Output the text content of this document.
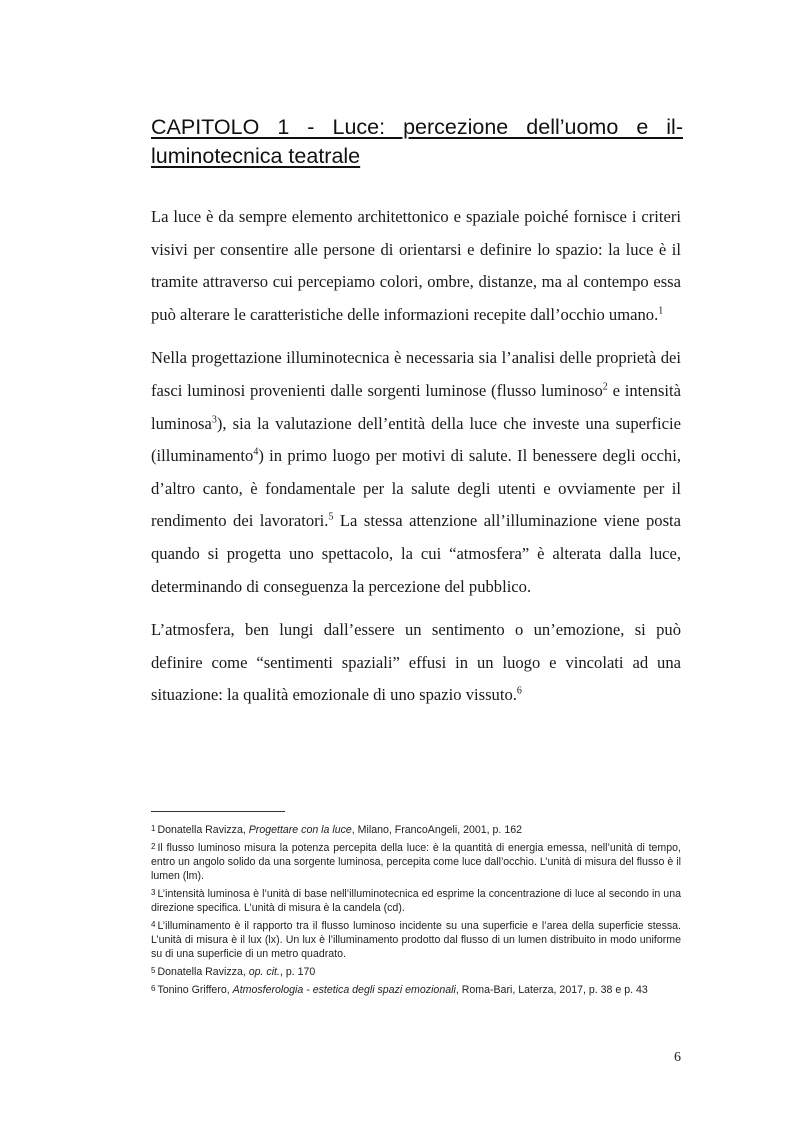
CAPITOLO 1 - Luce: percezione dell’uomo e il-luminotecnica teatrale

La luce è da sempre elemento architettonico e spaziale poiché fornisce i criteri visivi per consentire alle persone di orientarsi e definire lo spazio: la luce è il tramite attraverso cui percepiamo colori, ombre, distanze, ma al contempo essa può alterare le caratteristiche delle informazioni recepite dall’occhio umano.$^1$

Nella progettazione illuminotecnica è necessaria sia l’analisi delle proprietà dei fasci luminosi provenienti dalle sorgenti luminose (flusso luminoso$^2$ e intensità luminosa$^3$), sia la valutazione dell’entità della luce che investe una superficie (illuminamento$^4$) in primo luogo per motivi di salute. Il benessere degli occhi, d’altro canto, è fondamentale per la salute degli utenti e ovviamente per il rendimento dei lavoratori.$^5$ La stessa attenzione all’illuminazione viene posta quando si progetta uno spettacolo, la cui “atmosfera” è alterata dalla luce, determinando di conseguenza la percezione del pubblico.

L’atmosfera, ben lungi dall’essere un sentimento o un’emozione, si può definire come “sentimenti spaziali” effusi in un luogo e vincolati ad una situazione: la qualità emozionale di uno spazio vissuto.$^6$

1 Donatella Ravizza, Progettare con la luce, Milano, FrancoAngeli, 2001, p. 162

2 Il flusso luminoso misura la potenza percepita della luce: è la quantità di energia emessa, nell’unità di tempo, entro un angolo solido da una sorgente luminosa, percepita come luce dall’occhio. L’unità di misura del flusso è il lumen (lm).

3 L’intensità luminosa è l’unità di base nell’illuminotecnica ed esprime la concentrazione di luce al secondo in una direzione specifica. L’unità di misura è la candela (cd).

4 L’illuminamento è il rapporto tra il flusso luminoso incidente su una superficie e l’area della superficie stessa. L’unità di misura è il lux (lx). Un lux è l’illuminamento prodotto dal flusso di un lumen distribuito in modo uniforme su di una superficie di un metro quadrato.

5 Donatella Ravizza, op. cit., p. 170

6 Tonino Griffero, Atmosferologia - estetica degli spazi emozionali, Roma-Bari, Laterza, 2017, p. 38 e p. 43

6
